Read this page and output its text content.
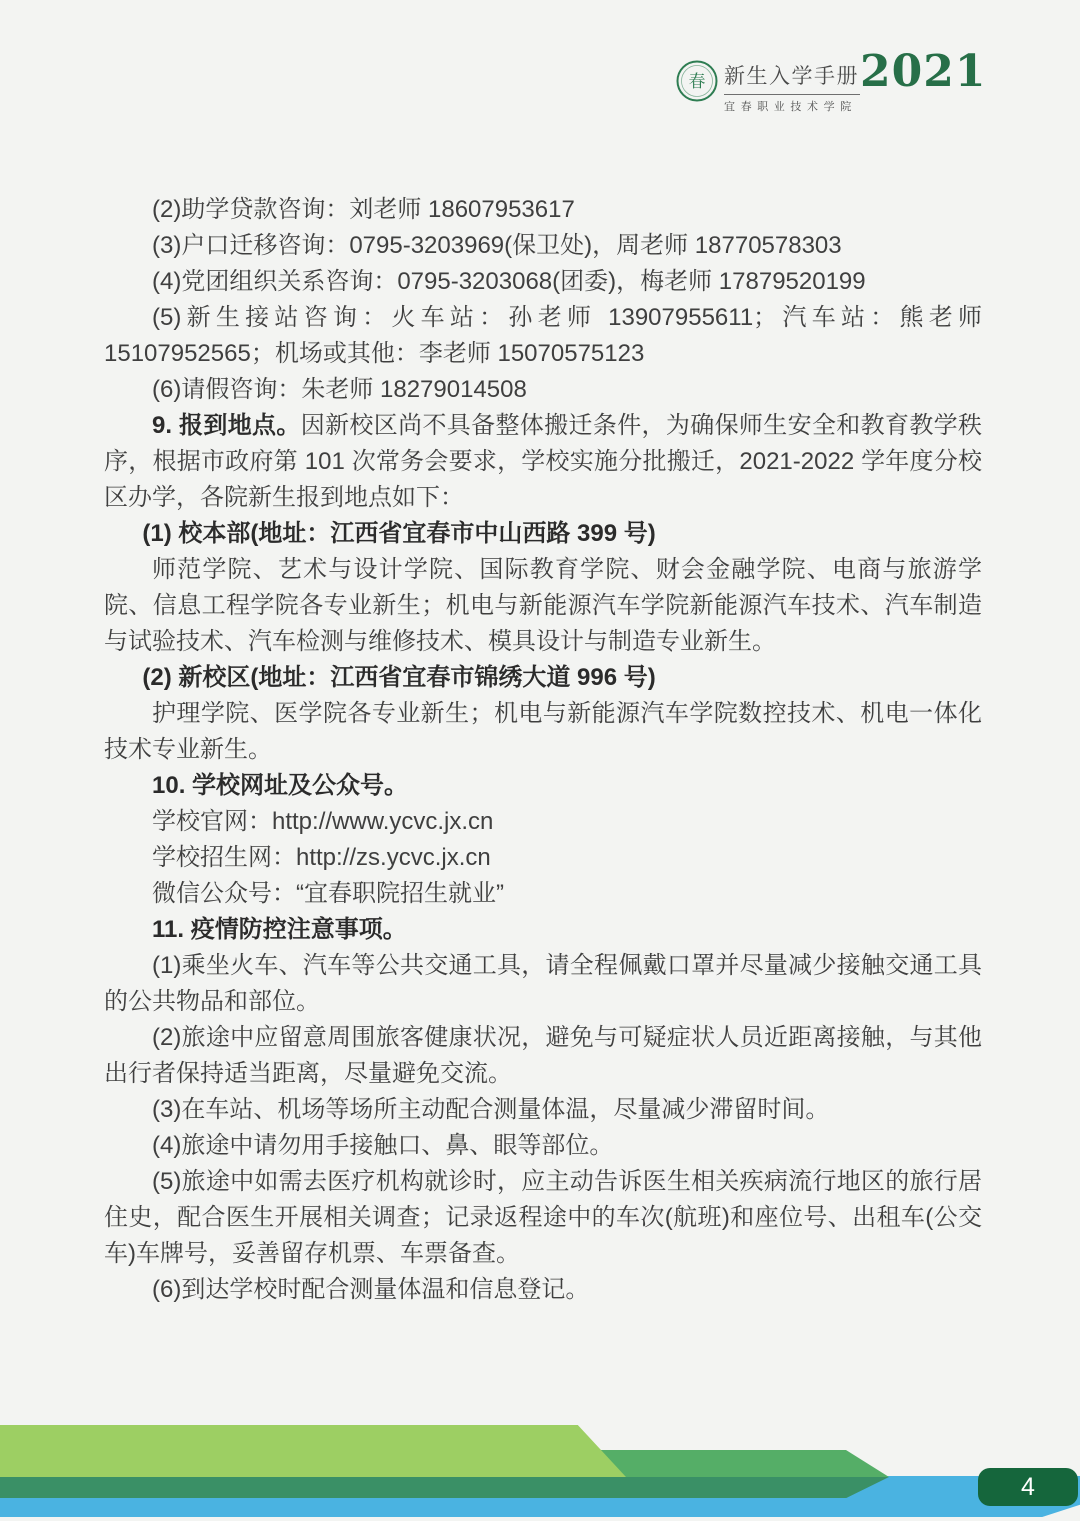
春 新生入学手册
宜春职业技术学院
2021

(2)助学贷款咨询：刘老师 18607953617

(3)户口迁移咨询：0795-3203969(保卫处)，周老师 18770578303

(4)党团组织关系咨询：0795-3203068(团委)，梅老师 17879520199

(5)新生接站咨询：火车站：孙老师 13907955611；汽车站：熊老师 15107952565；机场或其他：李老师 15070575123

(6)请假咨询：朱老师 18279014508

9. 报到地点。因新校区尚不具备整体搬迁条件，为确保师生安全和教育教学秩序，根据市政府第 101 次常务会要求，学校实施分批搬迁，2021-2022 学年度分校区办学，各院新生报到地点如下：

(1) 校本部(地址：江西省宜春市中山西路 399 号)

师范学院、艺术与设计学院、国际教育学院、财会金融学院、电商与旅游学院、信息工程学院各专业新生；机电与新能源汽车学院新能源汽车技术、汽车制造与试验技术、汽车检测与维修技术、模具设计与制造专业新生。

(2) 新校区(地址：江西省宜春市锦绣大道 996 号)

护理学院、医学院各专业新生；机电与新能源汽车学院数控技术、机电一体化技术专业新生。

10. 学校网址及公众号。

学校官网：http://www.ycvc.jx.cn

学校招生网：http://zs.ycvc.jx.cn

微信公众号：“宜春职院招生就业”

11. 疫情防控注意事项。

(1)乘坐火车、汽车等公共交通工具，请全程佩戴口罩并尽量减少接触交通工具的公共物品和部位。

(2)旅途中应留意周围旅客健康状况，避免与可疑症状人员近距离接触，与其他出行者保持适当距离，尽量避免交流。

(3)在车站、机场等场所主动配合测量体温，尽量减少滞留时间。

(4)旅途中请勿用手接触口、鼻、眼等部位。

(5)旅途中如需去医疗机构就诊时，应主动告诉医生相关疾病流行地区的旅行居住史，配合医生开展相关调查；记录返程途中的车次(航班)和座位号、出租车(公交车)车牌号，妥善留存机票、车票备查。

(6)到达学校时配合测量体温和信息登记。

4
